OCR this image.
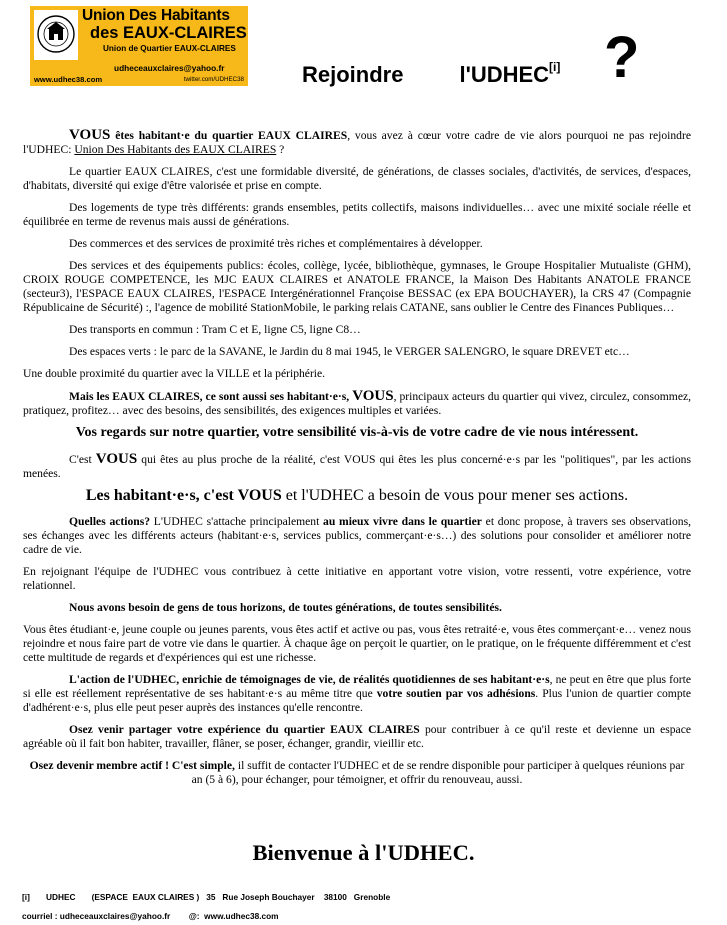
Union Des Habitants
des EAUX-CLAIRES
Union de Quartier EAUX-CLAIRES
udheceauxclaires@yahoo.fr
www.udhec38.com	twitter.com/UDHEC38	Rejoindre	l'UDHEC[i] ?

VOUS êtes habitant·e du quartier EAUX CLAIRES, vous avez à cœur votre cadre de vie alors pourquoi ne pas rejoindre l'UDHEC: Union Des Habitants des EAUX CLAIRES ?

Le quartier EAUX CLAIRES, c'est une formidable diversité, de générations, de classes sociales, d'activités, de services, d'espaces, d'habitats, diversité qui exige d'être valorisée et prise en compte.

Des logements de type très différents: grands ensembles, petits collectifs, maisons individuelles… avec une mixité sociale réelle et équilibrée en terme de revenus mais aussi de générations.

Des commerces et des services de proximité très riches et complémentaires à développer.

Des services et des équipements publics: écoles, collège, lycée, bibliothèque, gymnases, le Groupe Hospitalier Mutualiste (GHM), CROIX ROUGE COMPETENCE, les MJC EAUX CLAIRES et ANATOLE FRANCE, la Maison Des Habitants ANATOLE FRANCE (secteur3), l'ESPACE EAUX CLAIRES, l'ESPACE Intergénérationnel Françoise BESSAC (ex EPA BOUCHAYER), la CRS 47 (Compagnie Républicaine de Sécurité) :, l'agence de mobilité StationMobile, le parking relais CATANE, sans oublier le Centre des Finances Publiques…

Des transports en commun : Tram C et E, ligne C5, ligne C8…

Des espaces verts : le parc de la SAVANE, le Jardin du 8 mai 1945, le VERGER SALENGRO, le square DREVET etc…

Une double proximité du quartier avec la VILLE et la périphérie.

Mais les EAUX CLAIRES, ce sont aussi ses habitant·e·s, VOUS, principaux acteurs du quartier qui vivez, circulez, consommez, pratiquez, profitez… avec des besoins, des sensibilités, des exigences multiples et variées.

Vos regards sur notre quartier, votre sensibilité vis-à-vis de votre cadre de vie nous intéressent.

C'est VOUS qui êtes au plus proche de la réalité, c'est VOUS qui êtes les plus concerné·e·s par les "politiques", par les actions menées.

Les habitant·e·s, c'est VOUS et l'UDHEC a besoin de vous pour mener ses actions.

Quelles actions? L'UDHEC s'attache principalement au mieux vivre dans le quartier et donc propose, à travers ses observations, ses échanges avec les différents acteurs (habitant·e·s, services publics, commerçant·e·s…) des solutions pour consolider et améliorer notre cadre de vie.

En rejoignant l'équipe de l'UDHEC vous contribuez à cette initiative en apportant votre vision, votre ressenti, votre expérience, votre relationnel.

Nous avons besoin de gens de tous horizons, de toutes générations, de toutes sensibilités.

Vous êtes étudiant·e, jeune couple ou jeunes parents, vous êtes actif et active ou pas, vous êtes retraité·e, vous êtes commerçant·e… venez nous rejoindre et nous faire part de votre vie dans le quartier. À chaque âge on perçoit le quartier, on le pratique, on le fréquente différemment et c'est cette multitude de regards et d'expériences qui est une richesse.

L'action de l'UDHEC, enrichie de témoignages de vie, de réalités quotidiennes de ses habitant·e·s, ne peut en être que plus forte si elle est réellement représentative de ses habitant·e·s au même titre que votre soutien par vos adhésions. Plus l'union de quartier compte d'adhérent·e·s, plus elle peut peser auprès des instances qu'elle rencontre.

Osez venir partager votre expérience du quartier EAUX CLAIRES pour contribuer à ce qu'il reste et devienne un espace agréable où il fait bon habiter, travailler, flâner, se poser, échanger, grandir, vieillir etc.

Osez devenir membre actif ! C'est simple, il suffit de contacter l'UDHEC et de se rendre disponible pour participer à quelques réunions par an (5 à 6), pour échanger, pour témoigner, et offrir du renouveau, aussi.

Bienvenue à l'UDHEC.
[i]       UDHEC       (ESPACE  EAUX CLAIRES )   35   Rue Joseph Bouchayer    38100   Grenoble
courriel : udheceauxclaires@yahoo.fr        @:  www.udhec38.com
